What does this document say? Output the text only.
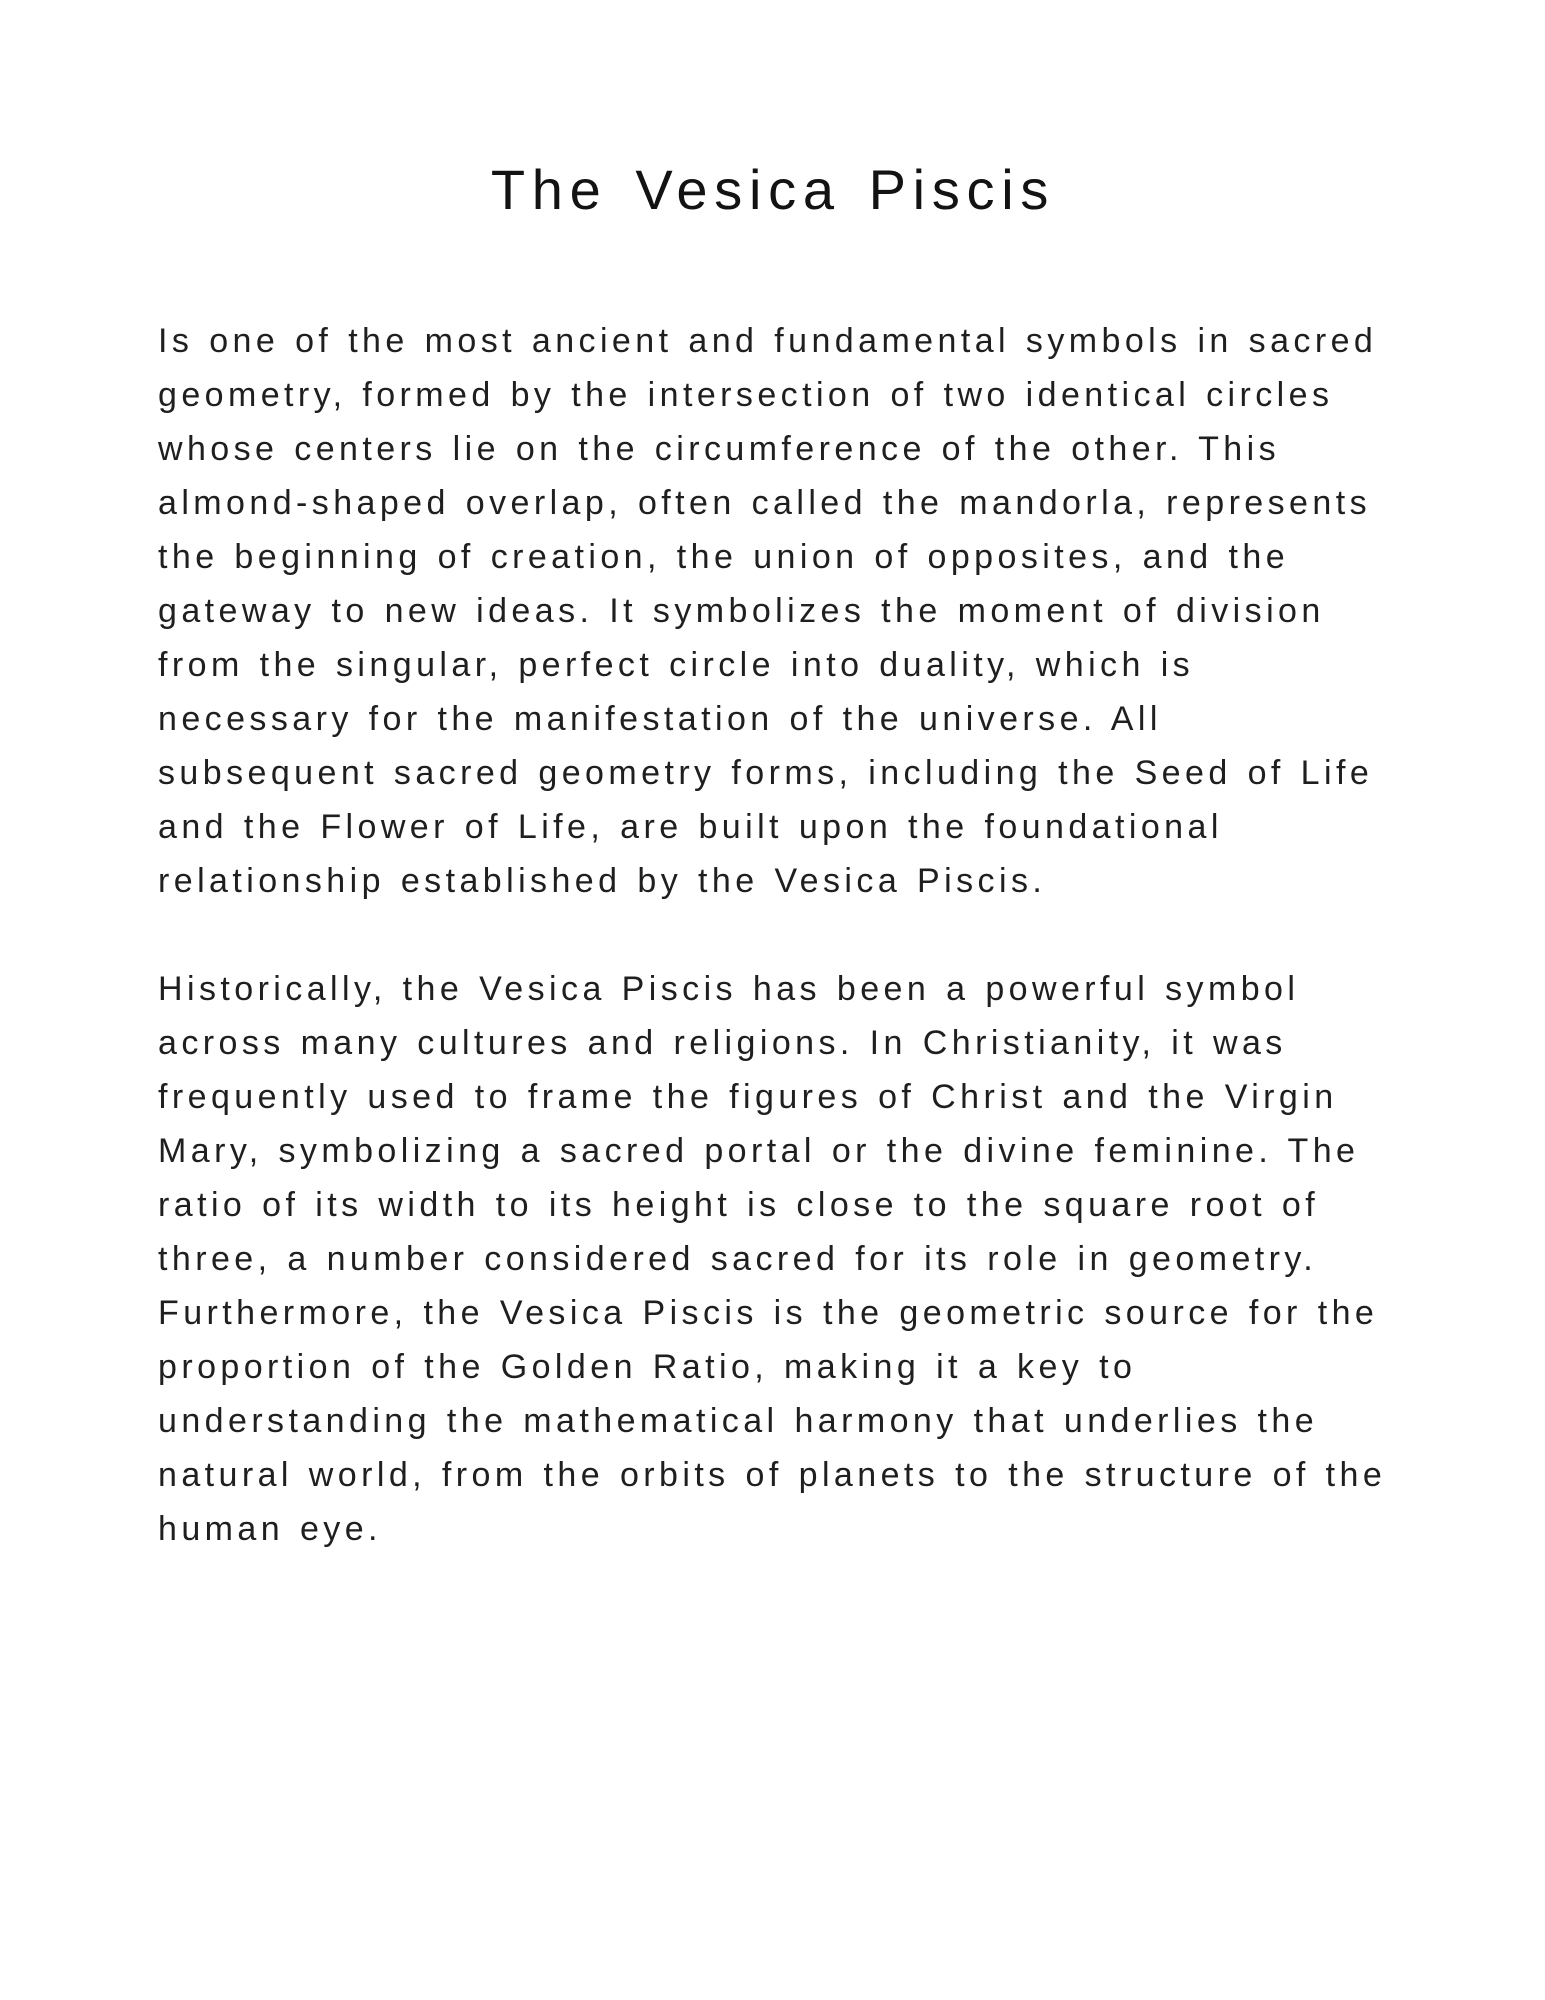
The Vesica Piscis

Is one of the most ancient and fundamental symbols in sacred geometry, formed by the intersection of two identical circles whose centers lie on the circumference of the other. This almond-shaped overlap, often called the mandorla, represents the beginning of creation, the union of opposites, and the gateway to new ideas. It symbolizes the moment of division from the singular, perfect circle into duality, which is necessary for the manifestation of the universe. All subsequent sacred geometry forms, including the Seed of Life and the Flower of Life, are built upon the foundational relationship established by the Vesica Piscis.

Historically, the Vesica Piscis has been a powerful symbol across many cultures and religions. In Christianity, it was frequently used to frame the figures of Christ and the Virgin Mary, symbolizing a sacred portal or the divine feminine. The ratio of its width to its height is close to the square root of three, a number considered sacred for its role in geometry. Furthermore, the Vesica Piscis is the geometric source for the proportion of the Golden Ratio, making it a key to understanding the mathematical harmony that underlies the natural world, from the orbits of planets to the structure of the human eye.
